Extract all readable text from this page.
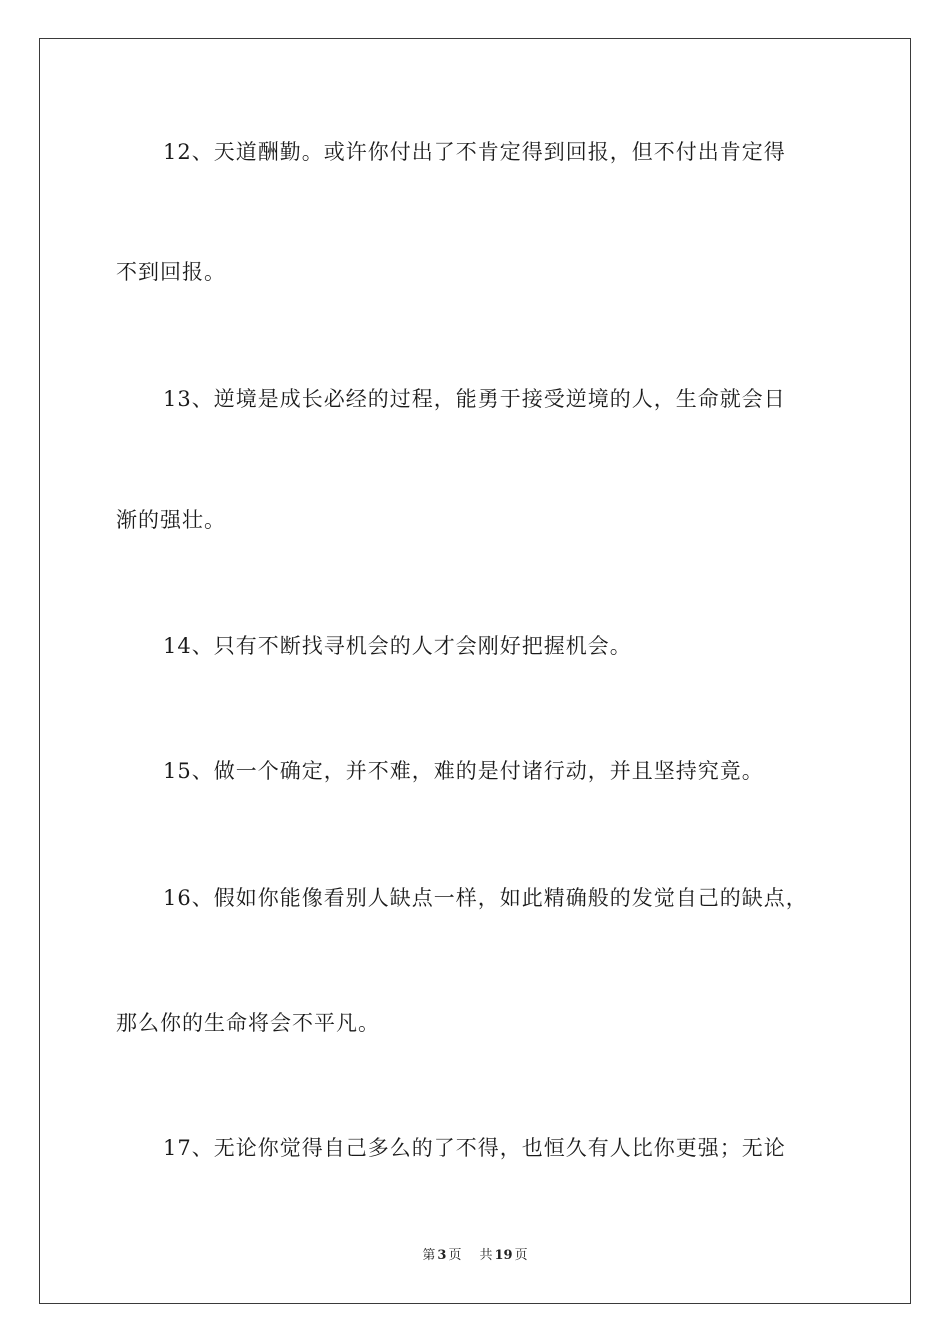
12、天道酬勤。或许你付出了不肯定得到回报，但不付出肯定得
不到回报。
13、逆境是成长必经的过程，能勇于接受逆境的人，生命就会日
渐的强壮。
14、只有不断找寻机会的人才会刚好把握机会。
15、做一个确定，并不难，难的是付诸行动，并且坚持究竟。
16、假如你能像看别人缺点一样，如此精确般的发觉自己的缺点，
那么你的生命将会不平凡。
17、无论你觉得自己多么的了不得，也恒久有人比你更强；无论
第 3 页 共 19 页
